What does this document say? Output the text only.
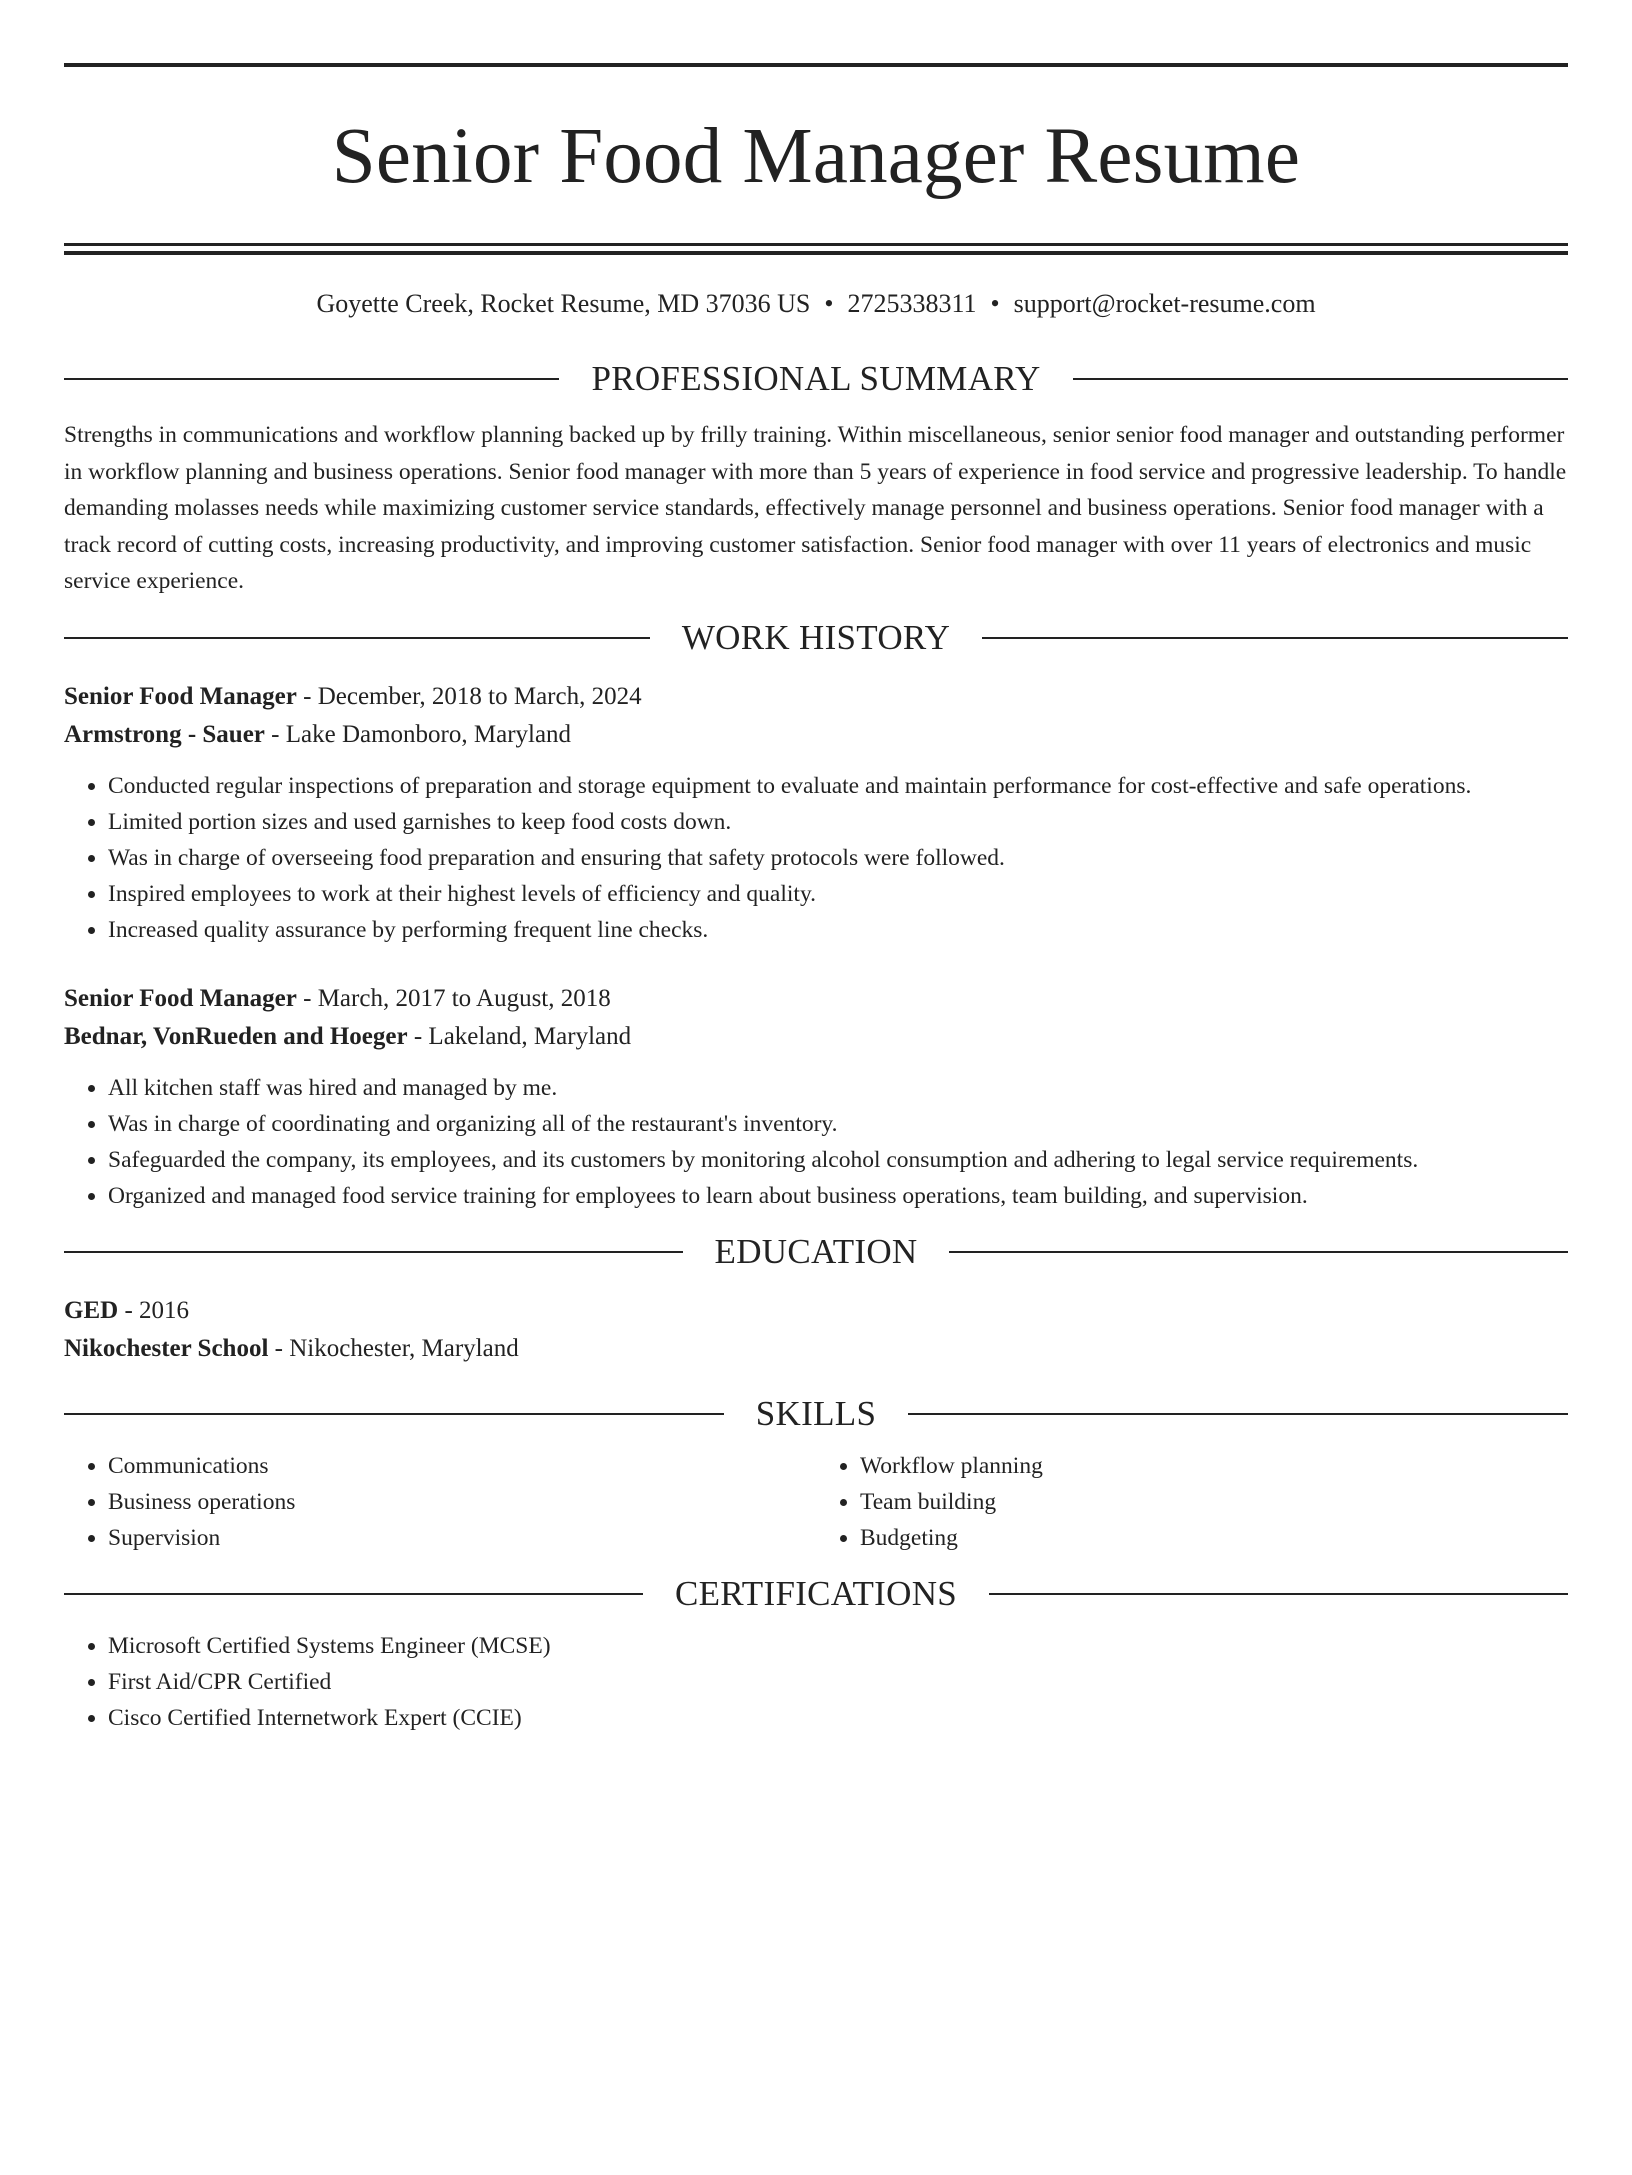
Senior Food Manager Resume
Goyette Creek, Rocket Resume, MD 37036 US • 2725338311 • support@rocket-resume.com
PROFESSIONAL SUMMARY
Strengths in communications and workflow planning backed up by frilly training. Within miscellaneous, senior senior food manager and outstanding performer in workflow planning and business operations. Senior food manager with more than 5 years of experience in food service and progressive leadership. To handle demanding molasses needs while maximizing customer service standards, effectively manage personnel and business operations. Senior food manager with a track record of cutting costs, increasing productivity, and improving customer satisfaction. Senior food manager with over 11 years of electronics and music service experience.
WORK HISTORY
Senior Food Manager - December, 2018 to March, 2024
Armstrong - Sauer - Lake Damonboro, Maryland
• Conducted regular inspections of preparation and storage equipment to evaluate and maintain performance for cost-effective and safe operations.
• Limited portion sizes and used garnishes to keep food costs down.
• Was in charge of overseeing food preparation and ensuring that safety protocols were followed.
• Inspired employees to work at their highest levels of efficiency and quality.
• Increased quality assurance by performing frequent line checks.
Senior Food Manager - March, 2017 to August, 2018
Bednar, VonRueden and Hoeger - Lakeland, Maryland
• All kitchen staff was hired and managed by me.
• Was in charge of coordinating and organizing all of the restaurant's inventory.
• Safeguarded the company, its employees, and its customers by monitoring alcohol consumption and adhering to legal service requirements.
• Organized and managed food service training for employees to learn about business operations, team building, and supervision.
EDUCATION
GED - 2016
Nikochester School - Nikochester, Maryland
SKILLS
• Communications
• Business operations
• Supervision
• Workflow planning
• Team building
• Budgeting
CERTIFICATIONS
• Microsoft Certified Systems Engineer (MCSE)
• First Aid/CPR Certified
• Cisco Certified Internetwork Expert (CCIE)
